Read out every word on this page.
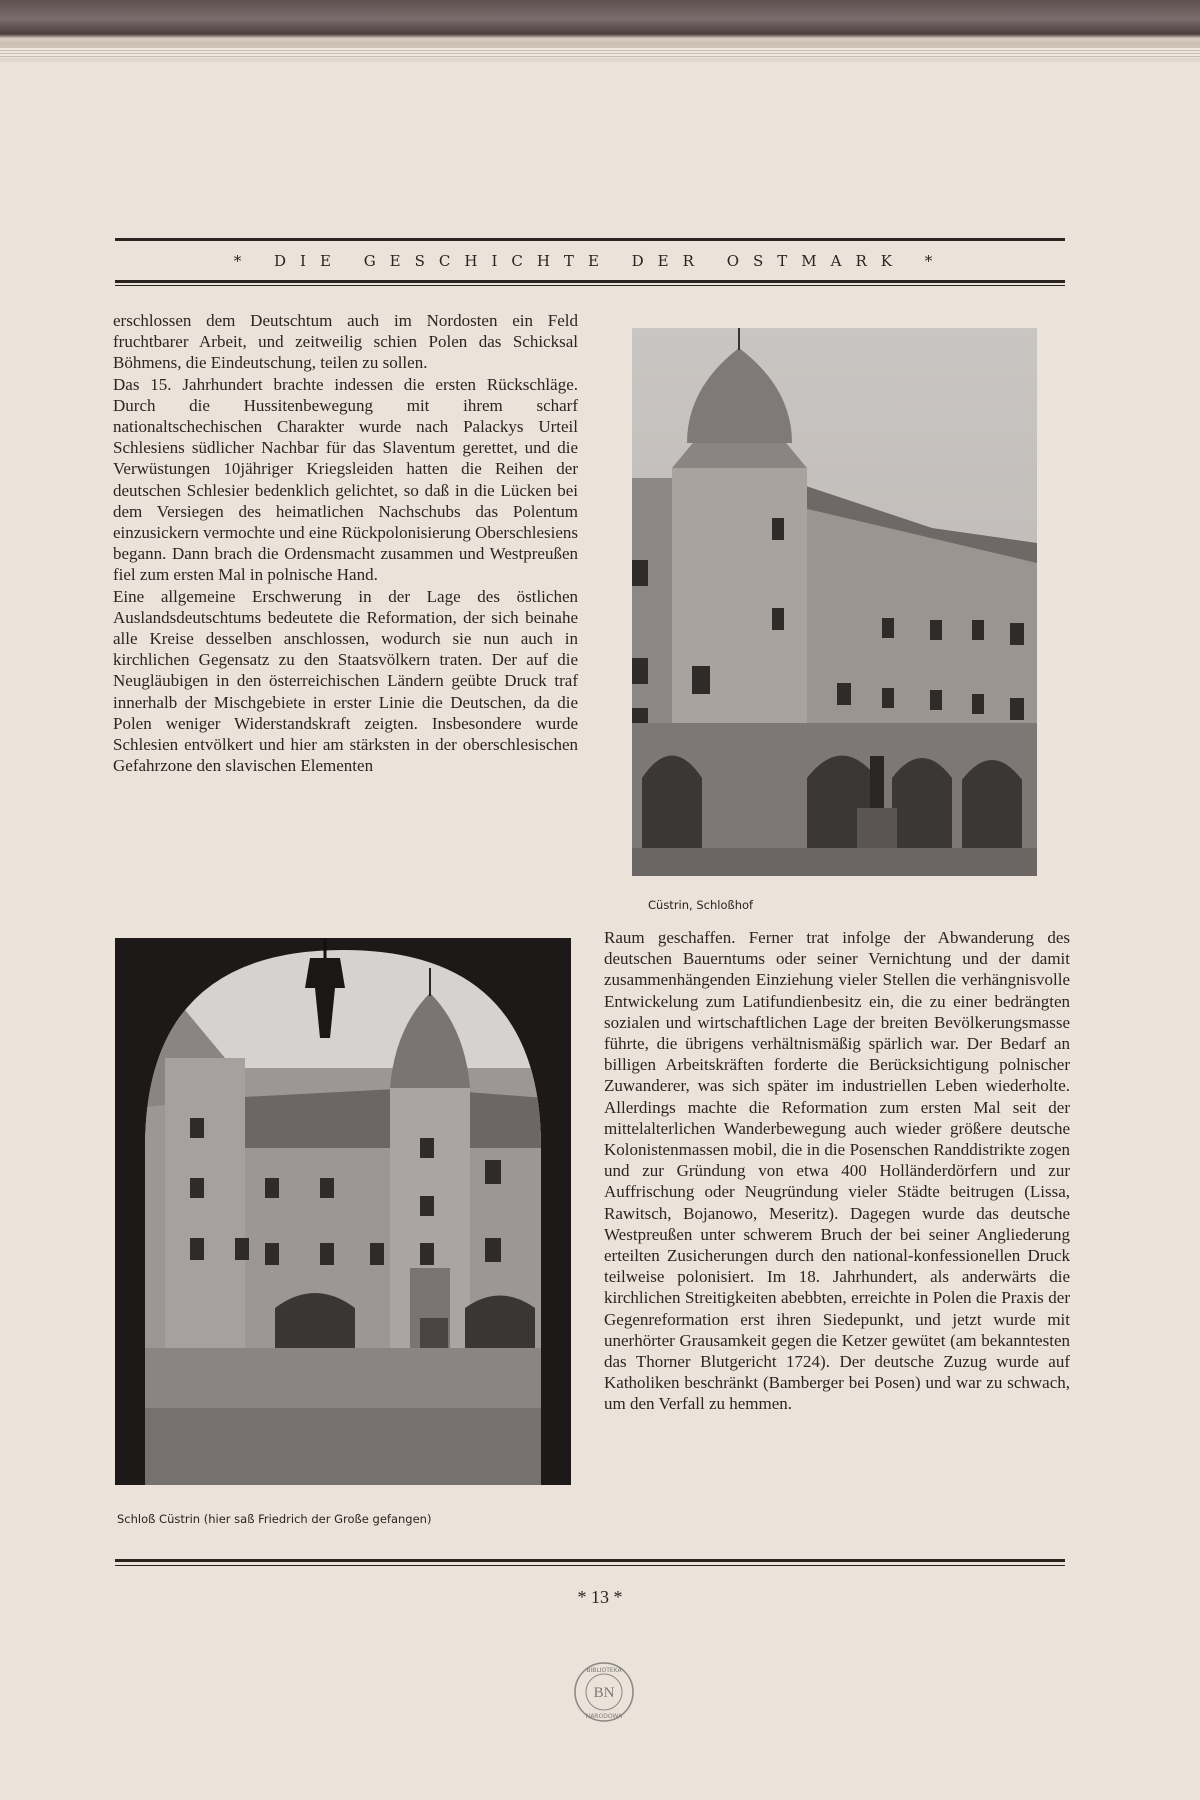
* DIE GESCHICHTE DER OSTMARK *

erschlossen dem Deutschtum auch im Nordosten ein Feld fruchtbarer Arbeit, und zeitweilig schien Polen das Schicksal Böhmens, die Eindeutschung, teilen zu sollen.

Das 15. Jahrhundert brachte indessen die ersten Rückschläge. Durch die Hussitenbewegung mit ihrem scharf nationaltschechischen Charakter wurde nach Palackys Urteil Schlesiens südlicher Nachbar für das Slaventum gerettet, und die Verwüstungen 10jähriger Kriegsleiden hatten die Reihen der deutschen Schlesier bedenklich gelichtet, so daß in die Lücken bei dem Versiegen des heimatlichen Nachschubs das Polentum einzusickern vermochte und eine Rückpolonisierung Oberschlesiens begann. Dann brach die Ordensmacht zusammen und Westpreußen fiel zum ersten Mal in polnische Hand.

Eine allgemeine Erschwerung in der Lage des östlichen Auslandsdeutschtums bedeutete die Reformation, der sich beinahe alle Kreise desselben anschlossen, wodurch sie nun auch in kirchlichen Gegensatz zu den Staatsvölkern traten. Der auf die Neugläubigen in den österreichischen Ländern geübte Druck traf innerhalb der Mischgebiete in erster Linie die Deutschen, da die Polen weniger Widerstandskraft zeigten. Insbesondere wurde Schlesien entvölkert und hier am stärksten in der oberschlesischen Gefahrzone den slavischen Elementen

Cüstrin, Schloßhof

Raum geschaffen. Ferner trat infolge der Abwanderung des deutschen Bauerntums oder seiner Vernichtung und der damit zusammenhängenden Einziehung vieler Stellen die verhängnisvolle Entwickelung zum Latifundienbesitz ein, die zu einer bedrängten sozialen und wirtschaftlichen Lage der breiten Bevölkerungsmasse führte, die übrigens verhältnismäßig spärlich war. Der Bedarf an billigen Arbeitskräften forderte die Berücksichtigung polnischer Zuwanderer, was sich später im industriellen Leben wiederholte. Allerdings machte die Reformation zum ersten Mal seit der mittelalterlichen Wanderbewegung auch wieder größere deutsche Kolonistenmassen mobil, die in die Posenschen Randdistrikte zogen und zur Gründung von etwa 400 Holländerdörfern und zur Auffrischung oder Neugründung vieler Städte beitrugen (Lissa, Rawitsch, Bojanowo, Meseritz). Dagegen wurde das deutsche Westpreußen unter schwerem Bruch der bei seiner Angliederung erteilten Zusicherungen durch den national-konfessionellen Druck teilweise polonisiert. Im 18. Jahrhundert, als anderwärts die kirchlichen Streitigkeiten abebbten, erreichte in Polen die Praxis der Gegenreformation erst ihren Siedepunkt, und jetzt wurde mit unerhörter Grausamkeit gegen die Ketzer gewütet (am bekanntesten das Thorner Blutgericht 1724). Der deutsche Zuzug wurde auf Katholiken beschränkt (Bamberger bei Posen) und war zu schwach, um den Verfall zu hemmen.

Schloß Cüstrin (hier saß Friedrich der Große gefangen)
* 13 *
BN
BIBLIOTEKA
NARODOWA
